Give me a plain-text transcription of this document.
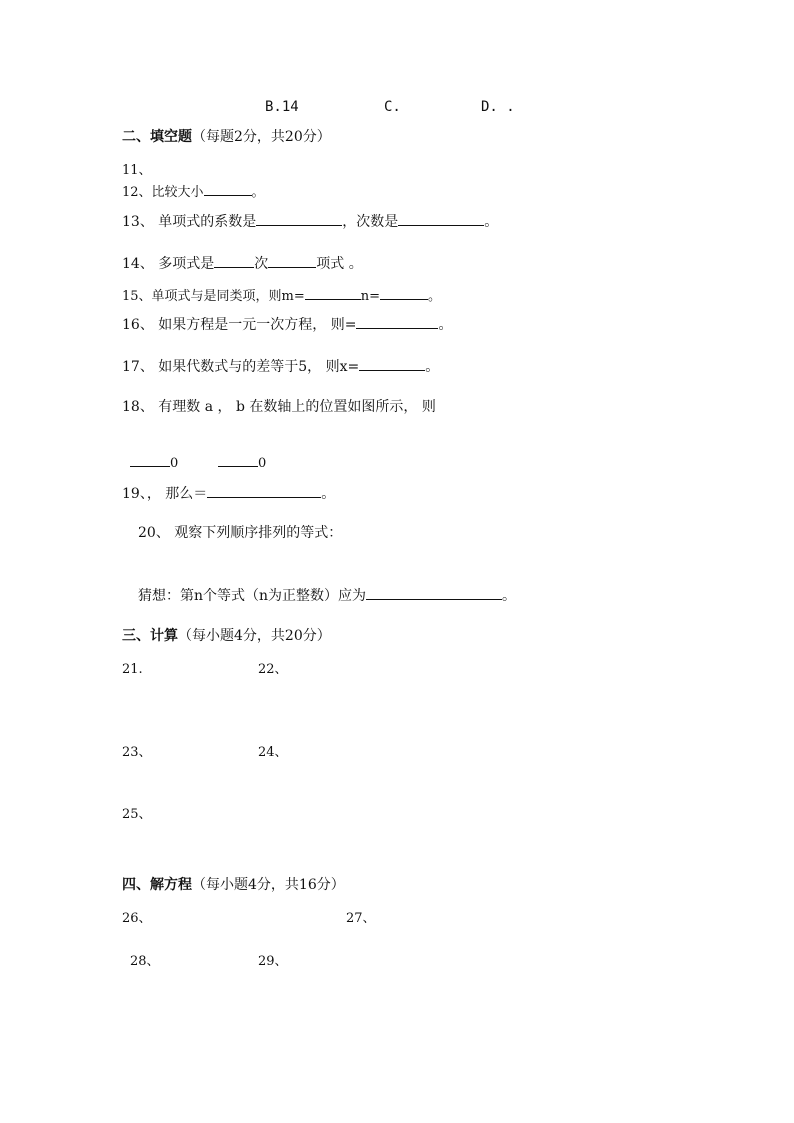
B.14	C.	D. .
二、填空题（每题2分，共20分）
11、
12、比较大小	。
13、 单项式的系数是	，次数是	。
14、 多项式是	次	项式 。
15、单项式与是同类项，则m=	n=	。
16、 如果方程是一元一次方程， 则=	。
17、 如果代数式与的差等于5， 则x=	。
18、 有理数 a ， b 在数轴上的位置如图所示， 则
0	0
19、， 那么＝	。
20、 观察下列顺序排列的等式：
猜想：第n个等式（n为正整数）应为	。
三、计算（每小题4分，共20分）
21.	22、
23、	24、
25、
四、解方程（每小题4分，共16分）
26、	27、
28、	29、
